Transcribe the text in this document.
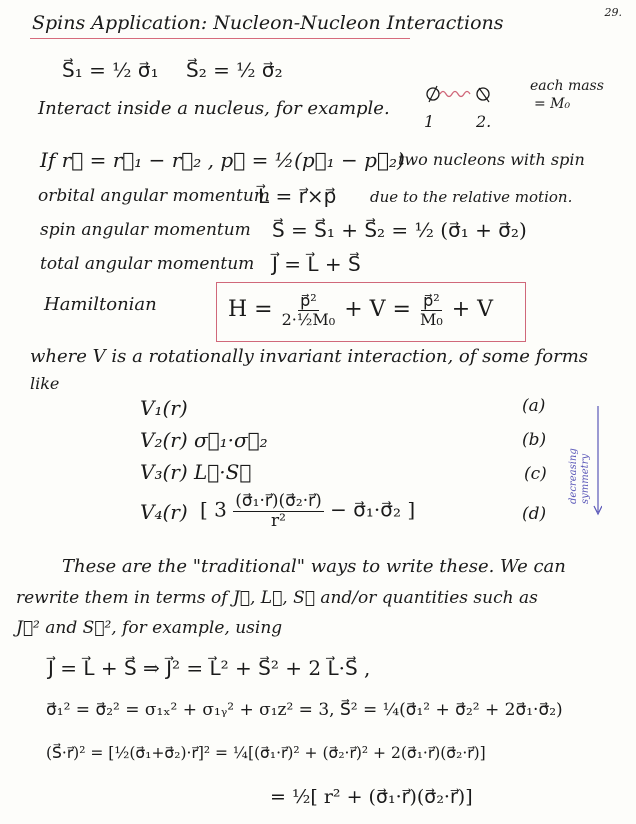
29.
Spins Application: Nucleon-Nucleon Interactions
S⃗₁ = ½ σ⃗₁ S⃗₂ = ½ σ⃗₂
1	2.
each mass
= M₀
Interact inside a nucleus, for example.
If r⃗ = r⃗₁ − r⃗₂ , p⃗ = ½(p⃗₁ − p⃗₂)
two nucleons with spin
orbital angular momentum
L⃗ = r⃗×p⃗ due to the relative motion.
spin angular momentum S⃗ = S⃗₁ + S⃗₂ = ½ (σ⃗₁ + σ⃗₂)
total angular momentum J⃗ = L⃗ + S⃗
Hamiltonian	$H = \frac{\text{p⃗²}}{\text{2·½M₀}} + V = \frac{\text{p⃗²}}{\text{M₀}} + V$
where V is a rotationally invariant interaction, of some forms
like
V₁(r)	(a)
V₂(r) σ⃗₁·σ⃗₂	(b)
V₃(r) L⃗·S⃗	(c)
V₄(r) [ $3 \frac{\text{(σ⃗₁·r⃗)(σ⃗₂·r⃗)}}{\text{r²}}$ − σ⃗₁·σ⃗₂ ]	(d)
decreasing symmetry
These are the "traditional" ways to write these. We can
rewrite them in terms of J⃗, L⃗, S⃗ and/or quantities such as
J⃗² and S⃗², for example, using
J⃗ = L⃗ + S⃗ ⇒ J⃗² = L⃗² + S⃗² + 2 L⃗·S⃗ ,
σ⃗₁² = σ⃗₂² = σ₁ₓ² + σ₁ᵧ² + σ₁z² = 3, S⃗² = ¼(σ⃗₁² + σ⃗₂² + 2σ⃗₁·σ⃗₂)
(S⃗·r⃗)² = [½(σ⃗₁+σ⃗₂)·r⃗]² = ¼[(σ⃗₁·r⃗)² + (σ⃗₂·r⃗)² + 2(σ⃗₁·r⃗)(σ⃗₂·r⃗)]
= ½[ r² + (σ⃗₁·r⃗)(σ⃗₂·r⃗)]
